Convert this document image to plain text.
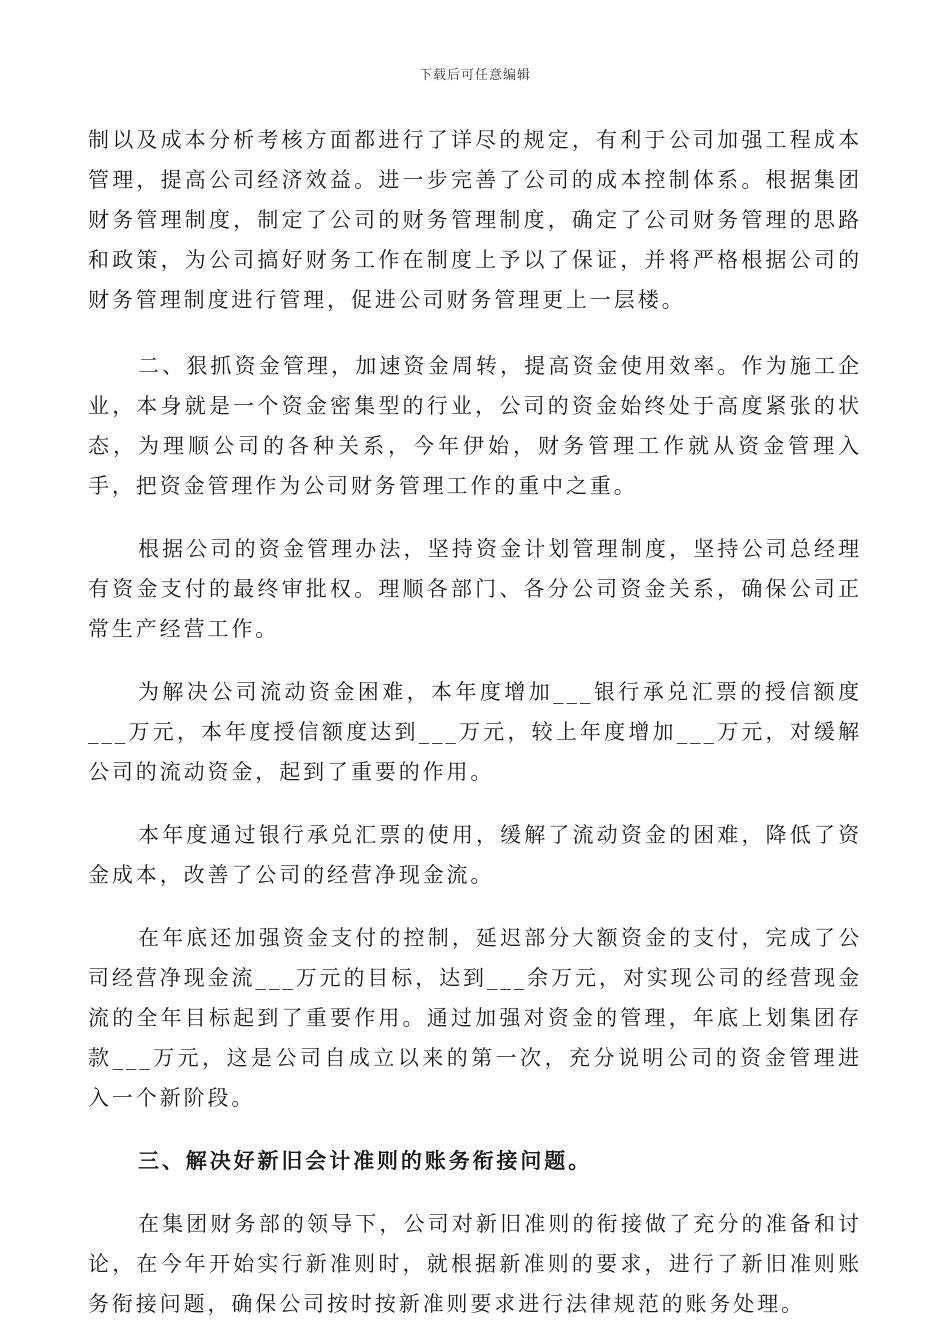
下载后可任意编辑

制以及成本分析考核方面都进行了详尽的规定，有利于公司加强工程成本管理，提高公司经济效益。进一步完善了公司的成本控制体系。根据集团财务管理制度，制定了公司的财务管理制度，确定了公司财务管理的思路和政策，为公司搞好财务工作在制度上予以了保证，并将严格根据公司的财务管理制度进行管理，促进公司财务管理更上一层楼。

二、狠抓资金管理，加速资金周转，提高资金使用效率。作为施工企业，本身就是一个资金密集型的行业，公司的资金始终处于高度紧张的状态，为理顺公司的各种关系，今年伊始，财务管理工作就从资金管理入手，把资金管理作为公司财务管理工作的重中之重。

根据公司的资金管理办法，坚持资金计划管理制度，坚持公司总经理有资金支付的最终审批权。理顺各部门、各分公司资金关系，确保公司正常生产经营工作。

为解决公司流动资金困难，本年度增加___银行承兑汇票的授信额度___万元，本年度授信额度达到___万元，较上年度增加___万元，对缓解公司的流动资金，起到了重要的作用。

本年度通过银行承兑汇票的使用，缓解了流动资金的困难，降低了资金成本，改善了公司的经营净现金流。

在年底还加强资金支付的控制，延迟部分大额资金的支付，完成了公司经营净现金流___万元的目标，达到___余万元，对实现公司的经营现金流的全年目标起到了重要作用。通过加强对资金的管理，年底上划集团存款___万元，这是公司自成立以来的第一次，充分说明公司的资金管理进入一个新阶段。

三、解决好新旧会计准则的账务衔接问题。

在集团财务部的领导下，公司对新旧准则的衔接做了充分的准备和讨论，在今年开始实行新准则时，就根据新准则的要求，进行了新旧准则账务衔接问题，确保公司按时按新准则要求进行法律规范的账务处理。
